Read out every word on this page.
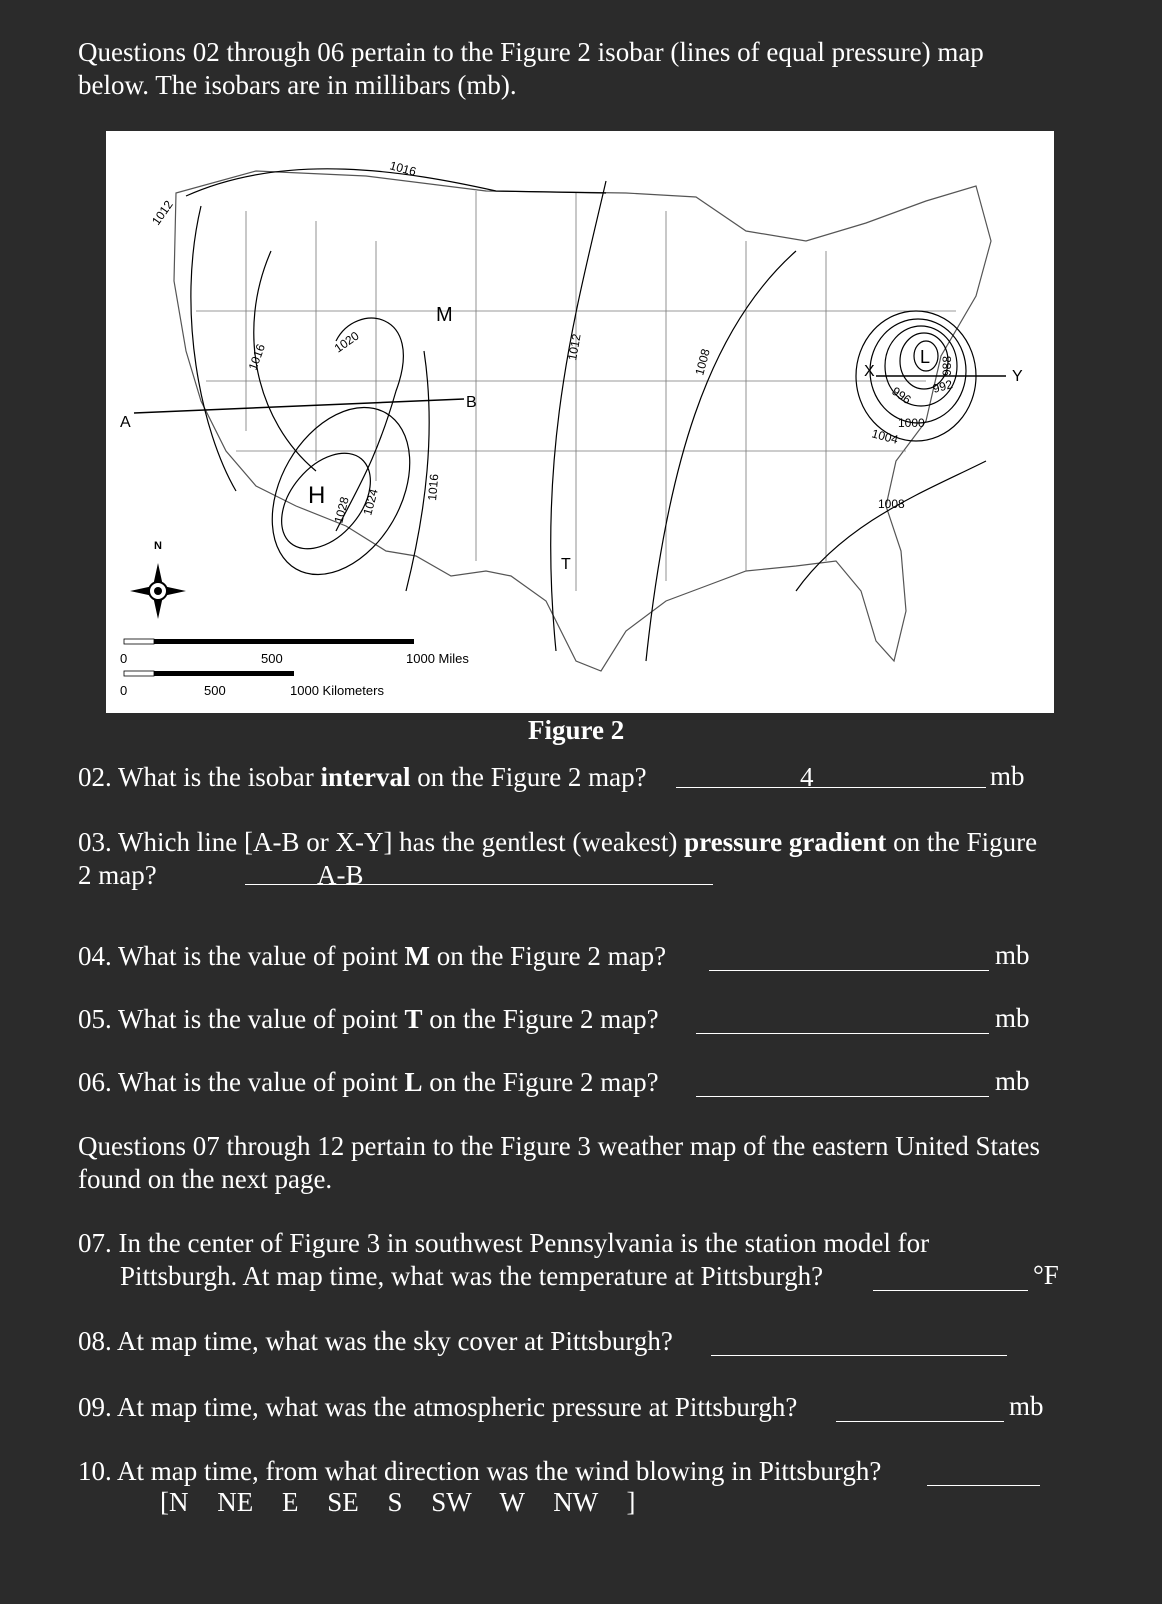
Questions 02 through 06 pertain to the Figure 2 isobar (lines of equal pressure) map

below. The isobars are in millibars (mb).

1012
1016
1016
1020
1016
1012
1008
1028 1024
1004
1000
996 992
988
1008
A
B
X	Y
M
T
H
L
N
0	500	1000 Miles
0	500	1000 Kilometers
Figure 2
02. What is the isobar interval on the Figure 2 map?	4	mb
03. Which line [A-B or X-Y] has the gentlest (weakest) pressure gradient on the Figure
2 map?	A-B
04. What is the value of point M on the Figure 2 map?	mb
05. What is the value of point T on the Figure 2 map?	mb
06. What is the value of point L on the Figure 2 map?	mb
Questions 07 through 12 pertain to the Figure 3 weather map of the eastern United States
found on the next page.
07. In the center of Figure 3 in southwest Pennsylvania is the station model for
Pittsburgh. At map time, what was the temperature at Pittsburgh?	°F
08. At map time, what was the sky cover at Pittsburgh?
09. At map time, what was the atmospheric pressure at Pittsburgh?	mb
10. At map time, from what direction was the wind blowing in Pittsburgh?
[N NE E SE S SW W NW ]
